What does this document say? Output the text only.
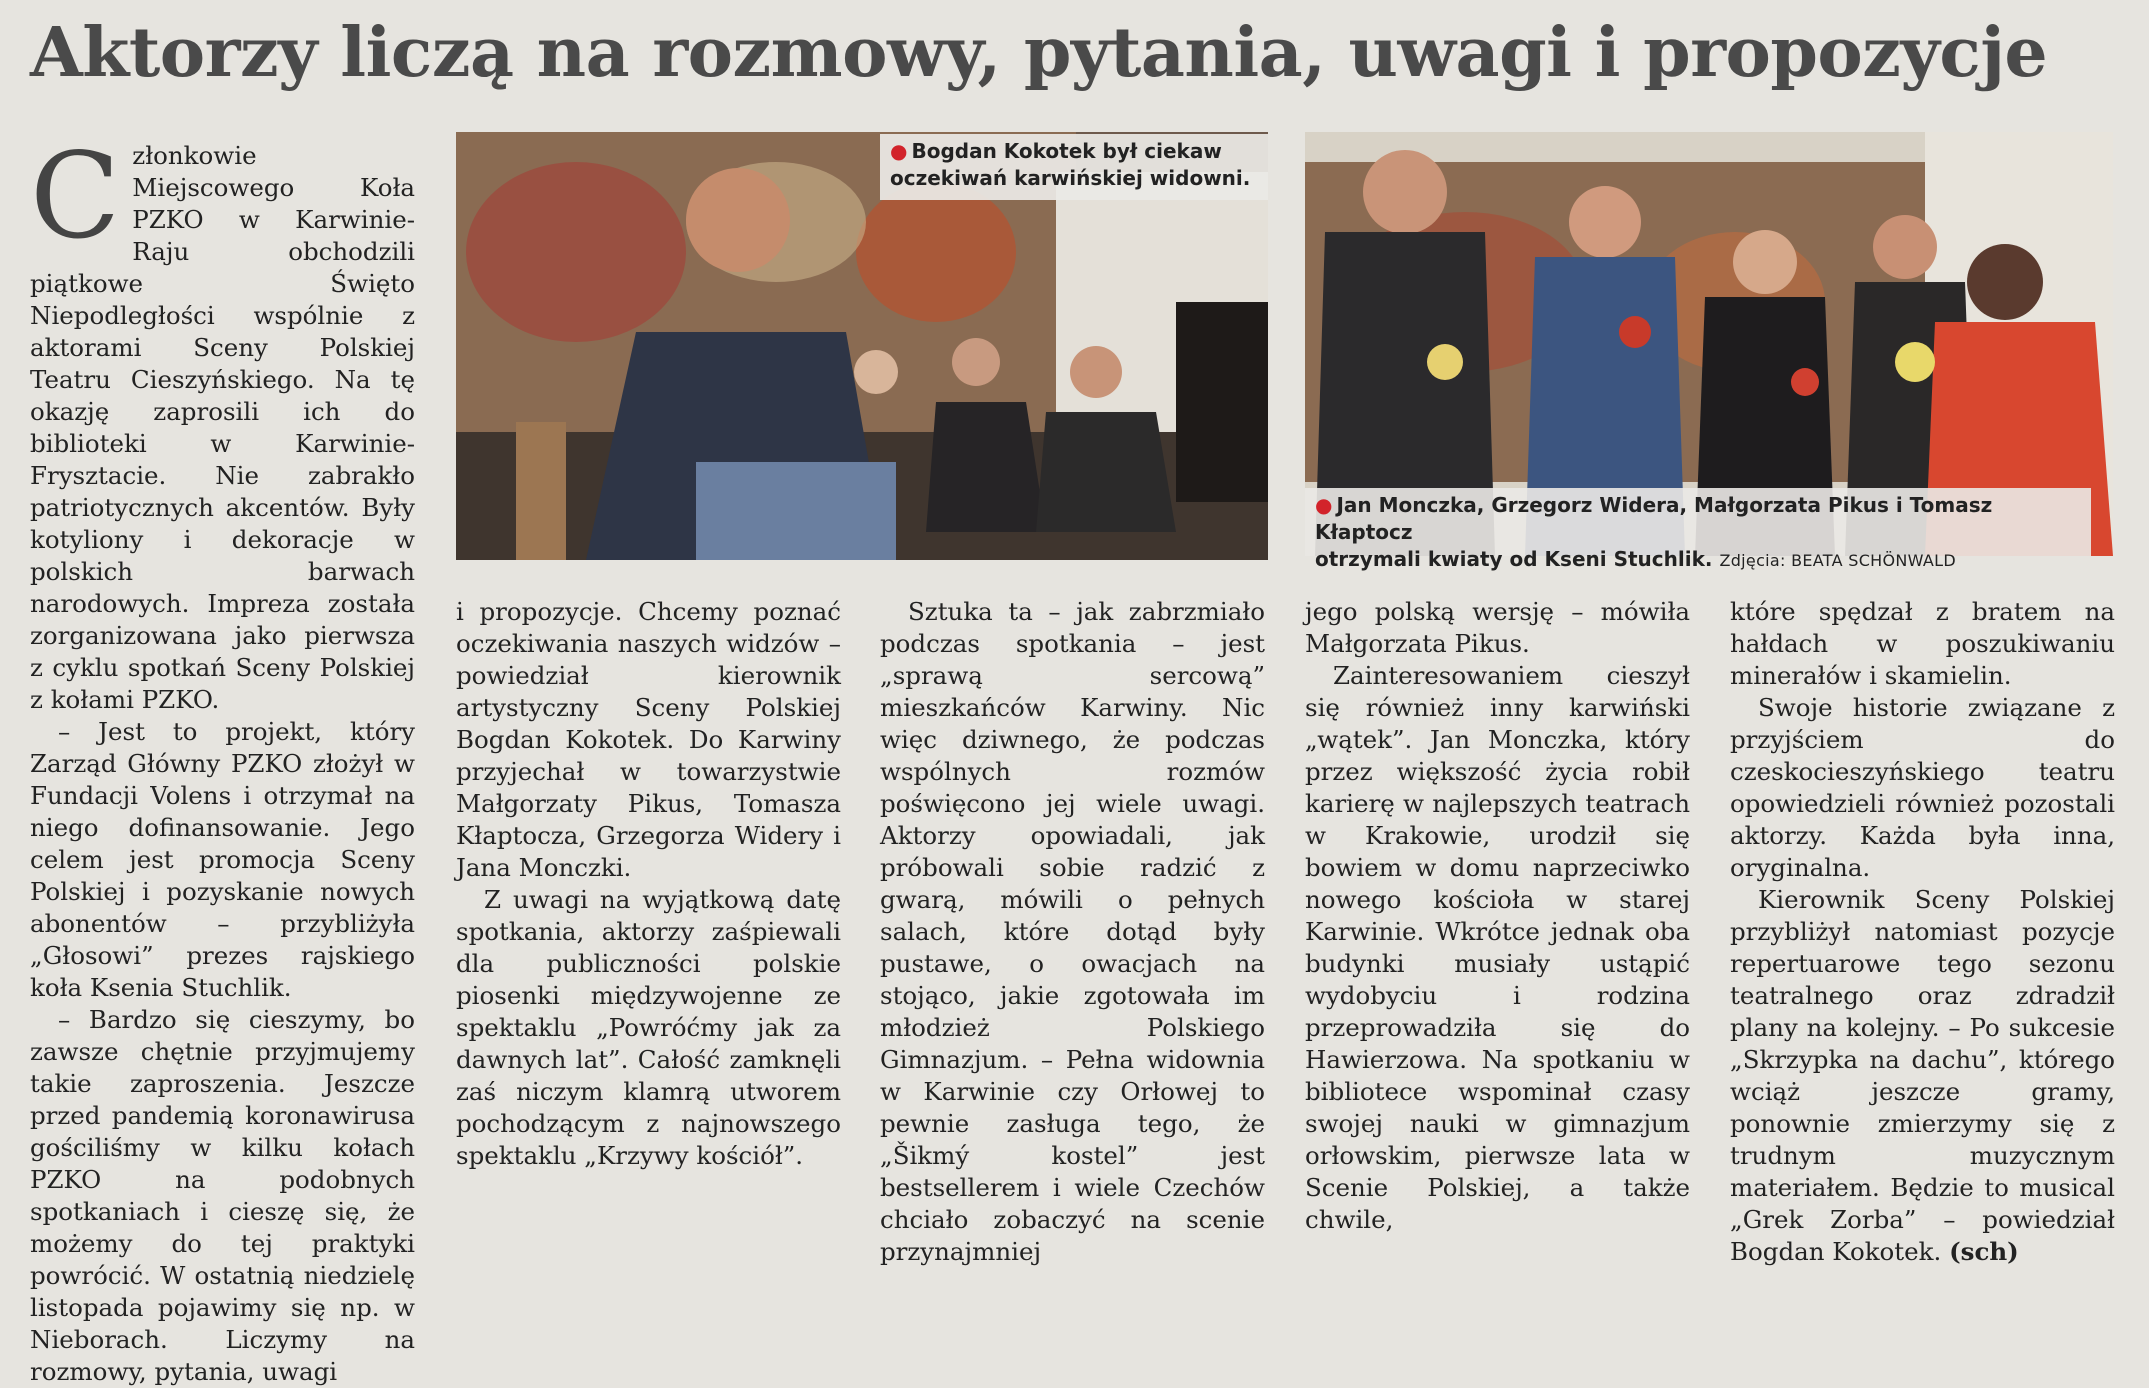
Aktorzy liczą na rozmowy, pytania, uwagi i propozycje

Członkowie Miejscowego Koła PZKO w Karwinie-Raju obchodzili piątkowe Święto Niepodległości wspólnie z aktorami Sceny Polskiej Teatru Cieszyńskiego. Na tę okazję zaprosili ich do biblioteki w Karwinie-Frysztacie. Nie zabrakło patriotycznych akcentów. Były kotyliony i dekoracje w polskich barwach narodowych. Impreza została zorganizowana jako pierwsza z cyklu spotkań Sceny Polskiej z kołami PZKO.

– Jest to projekt, który Zarząd Główny PZKO złożył w Fundacji Volens i otrzymał na niego dofinansowanie. Jego celem jest promocja Sceny Polskiej i pozyskanie nowych abonentów – przybliżyła „Głosowi” prezes rajskiego koła Ksenia Stuchlik.

– Bardzo się cieszymy, bo zawsze chętnie przyjmujemy takie zaproszenia. Jeszcze przed pandemią koronawirusa gościliśmy w kilku kołach PZKO na podobnych spotkaniach i cieszę się, że możemy do tej praktyki powrócić. W ostatnią niedzielę listopada pojawimy się np. w Nieborach. Liczymy na rozmowy, pytania, uwagi

● Bogdan Kokotek był ciekaw
oczekiwań karwińskiej widowni.
● Jan Monczka, Grzegorz Widera, Małgorzata Pikus i Tomasz Kłaptocz
otrzymali kwiaty od Kseni Stuchlik. Zdjęcia: BEATA SCHÖNWALD

i propozycje. Chcemy poznać oczekiwania naszych widzów – powiedział kierownik artystyczny Sceny Polskiej Bogdan Kokotek. Do Karwiny przyjechał w towarzystwie Małgorzaty Pikus, Tomasza Kłaptocza, Grzegorza Widery i Jana Monczki.

Z uwagi na wyjątkową datę spotkania, aktorzy zaśpiewali dla publiczności polskie piosenki międzywojenne ze spektaklu „Powróćmy jak za dawnych lat”. Całość zamknęli zaś niczym klamrą utworem pochodzącym z najnowszego spektaklu „Krzywy kościół”.

Sztuka ta – jak zabrzmiało podczas spotkania – jest „sprawą sercową” mieszkańców Karwiny. Nic więc dziwnego, że podczas wspólnych rozmów poświęcono jej wiele uwagi. Aktorzy opowiadali, jak próbowali sobie radzić z gwarą, mówili o pełnych salach, które dotąd były pustawe, o owacjach na stojąco, jakie zgotowała im młodzież Polskiego Gimnazjum. – Pełna widownia w Karwinie czy Orłowej to pewnie zasługa tego, że „Šikmý kostel” jest bestsellerem i wiele Czechów chciało zobaczyć na scenie przynajmniej

jego polską wersję – mówiła Małgorzata Pikus.

Zainteresowaniem cieszył się również inny karwiński „wątek”. Jan Monczka, który przez większość życia robił karierę w najlepszych teatrach w Krakowie, urodził się bowiem w domu naprzeciwko nowego kościoła w starej Karwinie. Wkrótce jednak oba budynki musiały ustąpić wydobyciu i rodzina przeprowadziła się do Hawierzowa. Na spotkaniu w bibliotece wspominał czasy swojej nauki w gimnazjum orłowskim, pierwsze lata w Scenie Polskiej, a także chwile,

które spędzał z bratem na hałdach w poszukiwaniu minerałów i skamielin.

Swoje historie związane z przyjściem do czeskocieszyńskiego teatru opowiedzieli również pozostali aktorzy. Każda była inna, oryginalna.

Kierownik Sceny Polskiej przybliżył natomiast pozycje repertuarowe tego sezonu teatralnego oraz zdradził plany na kolejny. – Po sukcesie „Skrzypka na dachu”, którego wciąż jeszcze gramy, ponownie zmierzymy się z trudnym muzycznym materiałem. Będzie to musical „Grek Zorba” – powiedział Bogdan Kokotek. (sch)
